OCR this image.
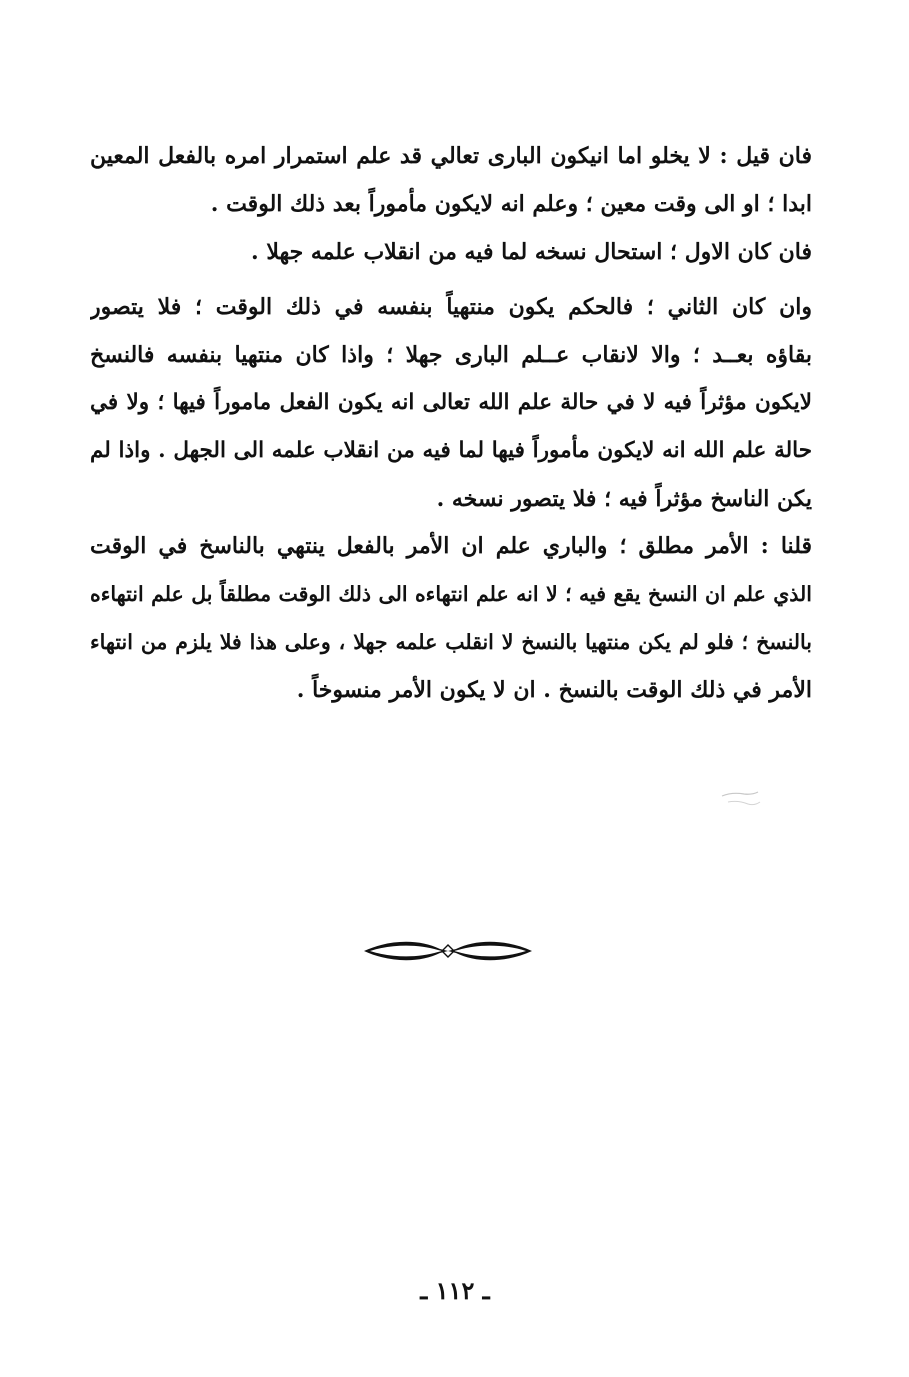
فان قيل : لا يخلو اما انيكون البارى تعالي قد علم استمرار امره بالفعل المعين
ابدا ؛ او الى وقت معين ؛ وعلم انه لايكون مأموراً بعد ذلك الوقت .
فان كان الاول ؛ استحال نسخه لما فيه من انقلاب علمه جهلا .
وان كان الثاني ؛ فالحكم يكون منتهياً بنفسه في ذلك الوقت ؛ فلا يتصور
بقاؤه بعــد ؛ والا لانقاب عــلم البارى جهلا ؛ واذا كان منتهيا بنفسه فالنسخ
لايكون مؤثراً فيه لا في حالة علم الله تعالى انه يكون الفعل ماموراً فيها ؛ ولا في
حالة علم الله انه لايكون مأموراً فيها لما فيه من انقلاب علمه الى الجهل . واذا لم
يكن الناسخ مؤثراً فيه ؛ فلا يتصور نسخه .
قلنا : الأمر مطلق ؛ والباري علم ان الأمر بالفعل ينتهي بالناسخ في الوقت
الذي علم ان النسخ يقع فيه ؛ لا انه علم انتهاءه الى ذلك الوقت مطلقاً بل علم انتهاءه
بالنسخ ؛ فلو لم يكن منتهيا بالنسخ لا انقلب علمه جهلا ، وعلى هذا فلا يلزم من انتهاء
الأمر في ذلك الوقت بالنسخ . ان لا يكون الأمر منسوخاً .
ـ ١١٢ ـ
